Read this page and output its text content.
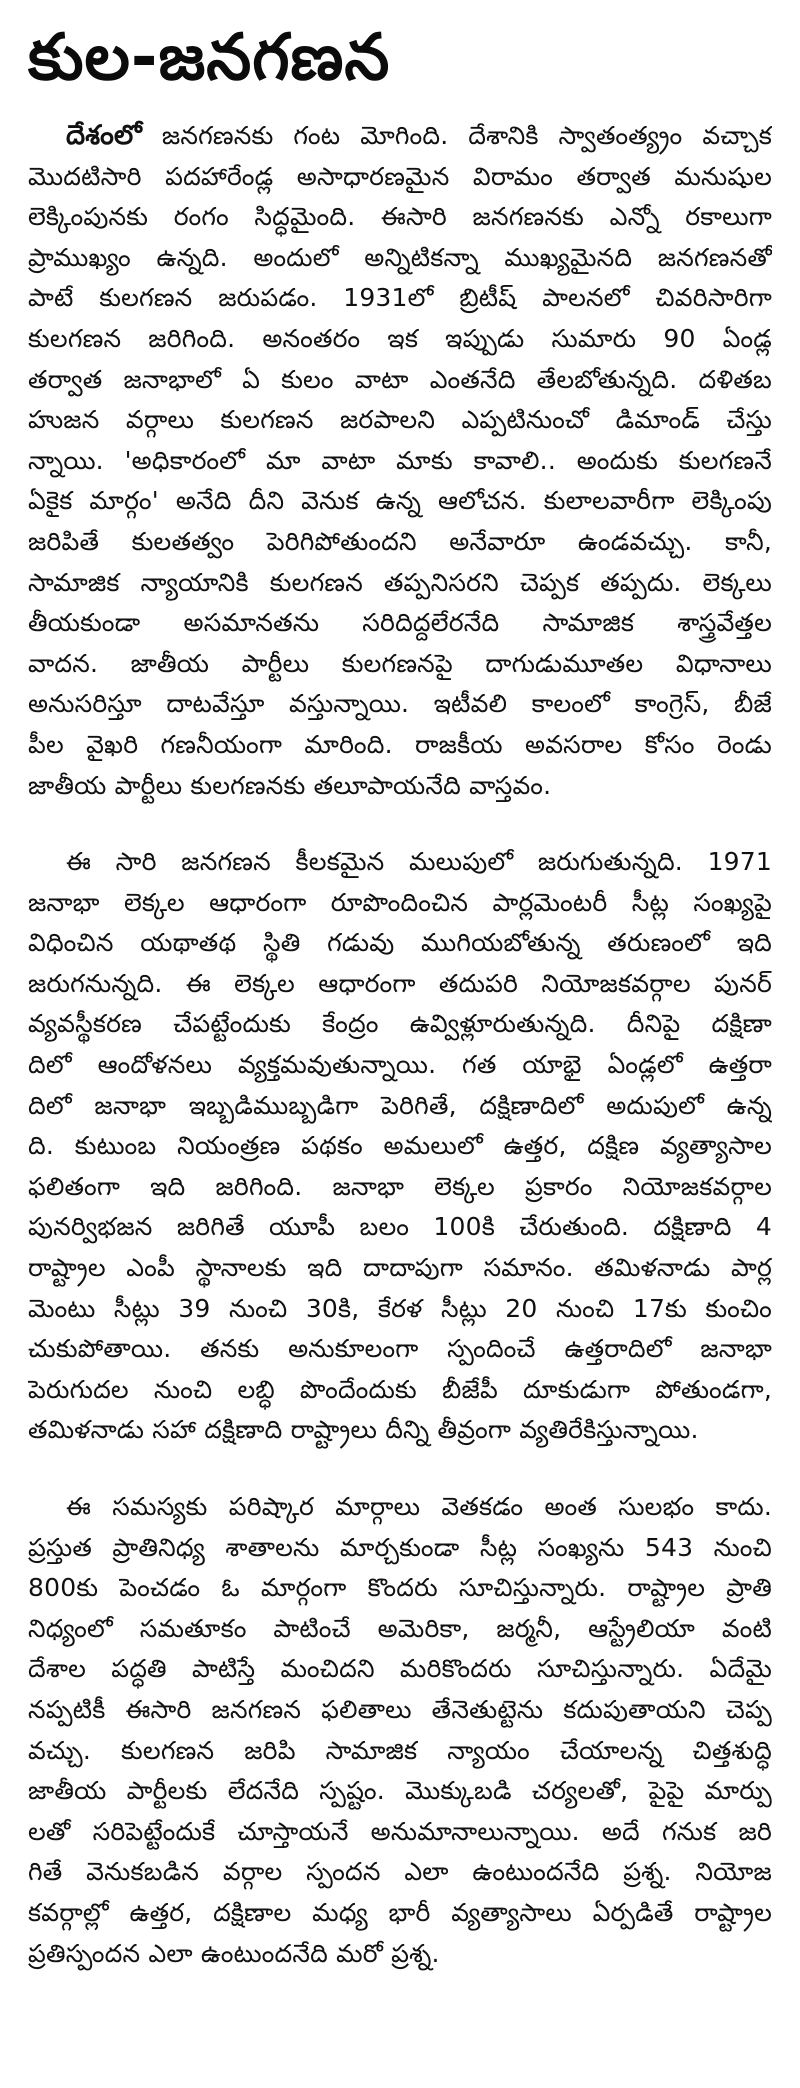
కుల-జనగణన
దేశంలో జనగణనకు గంట మోగింది. దేశానికి స్వాతంత్య్రం వచ్చాక
మొదటిసారి పదహారేండ్ల అసాధారణమైన విరామం తర్వాత మనుషుల
లెక్కింపునకు రంగం సిద్ధమైంది. ఈసారి జనగణనకు ఎన్నో రకాలుగా
ప్రాముఖ్యం ఉన్నది. అందులో అన్నిటికన్నా ముఖ్యమైనది జనగణనతో
పాటే కులగణన జరుపడం. 1931లో బ్రిటీష్ పాలనలో చివరిసారిగా
కులగణన జరిగింది. అనంతరం ఇక ఇప్పుడు సుమారు 90 ఏండ్ల
తర్వాత జనాభాలో ఏ కులం వాటా ఎంతనేది తేలబోతున్నది. దళితబ
హుజన వర్గాలు కులగణన జరపాలని ఎప్పటినుంచో డిమాండ్ చేస్తు
న్నాయి. 'అధికారంలో మా వాటా మాకు కావాలి.. అందుకు కులగణనే
ఏకైక మార్గం' అనేది దీని వెనుక ఉన్న ఆలోచన. కులాలవారీగా లెక్కింపు
జరిపితే కులతత్వం పెరిగిపోతుందని అనేవారూ ఉండవచ్చు. కానీ,
సామాజిక న్యాయానికి కులగణన తప్పనిసరని చెప్పక తప్పదు. లెక్కలు
తీయకుండా అసమానతను సరిదిద్దలేరనేది సామాజిక శాస్త్రవేత్తల
వాదన. జాతీయ పార్టీలు కులగణనపై దాగుడుమూతల విధానాలు
అనుసరిస్తూ దాటవేస్తూ వస్తున్నాయి. ఇటీవలి కాలంలో కాంగ్రెస్, బీజే
పీల వైఖరి గణనీయంగా మారింది. రాజకీయ అవసరాల కోసం రెండు
జాతీయ పార్టీలు కులగణనకు తలూపాయనేది వాస్తవం.
ఈ సారి జనగణన కీలకమైన మలుపులో జరుగుతున్నది. 1971
జనాభా లెక్కల ఆధారంగా రూపొందించిన పార్లమెంటరీ సీట్ల సంఖ్యపై
విధించిన యథాతథ స్థితి గడువు ముగియబోతున్న తరుణంలో ఇది
జరుగనున్నది. ఈ లెక్కల ఆధారంగా తదుపరి నియోజకవర్గాల పునర్
వ్యవస్థీకరణ చేపట్టేందుకు కేంద్రం ఉవ్విళ్లూరుతున్నది. దీనిపై దక్షిణా
దిలో ఆందోళనలు వ్యక్తమవుతున్నాయి. గత యాభై ఏండ్లలో ఉత్తరా
దిలో జనాభా ఇబ్బడిముబ్బడిగా పెరిగితే, దక్షిణాదిలో అదుపులో ఉన్న
ది. కుటుంబ నియంత్రణ పథకం అమలులో ఉత్తర, దక్షిణ వ్యత్యాసాల
ఫలితంగా ఇది జరిగింది. జనాభా లెక్కల ప్రకారం నియోజకవర్గాల
పునర్విభజన జరిగితే యూపీ బలం 100కి చేరుతుంది. దక్షిణాది 4
రాష్ట్రాల ఎంపీ స్థానాలకు ఇది దాదాపుగా సమానం. తమిళనాడు పార్ల
మెంటు సీట్లు 39 నుంచి 30కి, కేరళ సీట్లు 20 నుంచి 17కు కుంచిం
చుకుపోతాయి. తనకు అనుకూలంగా స్పందించే ఉత్తరాదిలో జనాభా
పెరుగుదల నుంచి లబ్ధి పొందేందుకు బీజేపీ దూకుడుగా పోతుండగా,
తమిళనాడు సహా దక్షిణాది రాష్ట్రాలు దీన్ని తీవ్రంగా వ్యతిరేకిస్తున్నాయి.
ఈ సమస్యకు పరిష్కార మార్గాలు వెతకడం అంత సులభం కాదు.
ప్రస్తుత ప్రాతినిధ్య శాతాలను మార్చకుండా సీట్ల సంఖ్యను 543 నుంచి
800కు పెంచడం ఓ మార్గంగా కొందరు సూచిస్తున్నారు. రాష్ట్రాల ప్రాతి
నిధ్యంలో సమతూకం పాటించే అమెరికా, జర్మనీ, ఆస్ట్రేలియా వంటి
దేశాల పద్ధతి పాటిస్తే మంచిదని మరికొందరు సూచిస్తున్నారు. ఏదేమై
నప్పటికీ ఈసారి జనగణన ఫలితాలు తేనెతుట్టెను కదుపుతాయని చెప్ప
వచ్చు. కులగణన జరిపి సామాజిక న్యాయం చేయాలన్న చిత్తశుద్ధి
జాతీయ పార్టీలకు లేదనేది స్పష్టం. మొక్కుబడి చర్యలతో, పైపై మార్పు
లతో సరిపెట్టేందుకే చూస్తాయనే అనుమానాలున్నాయి. అదే గనుక జరి
గితే వెనుకబడిన వర్గాల స్పందన ఎలా ఉంటుందనేది ప్రశ్న. నియోజ
కవర్గాల్లో ఉత్తర, దక్షిణాల మధ్య భారీ వ్యత్యాసాలు ఏర్పడితే రాష్ట్రాల
ప్రతిస్పందన ఎలా ఉంటుందనేది మరో ప్రశ్న.
